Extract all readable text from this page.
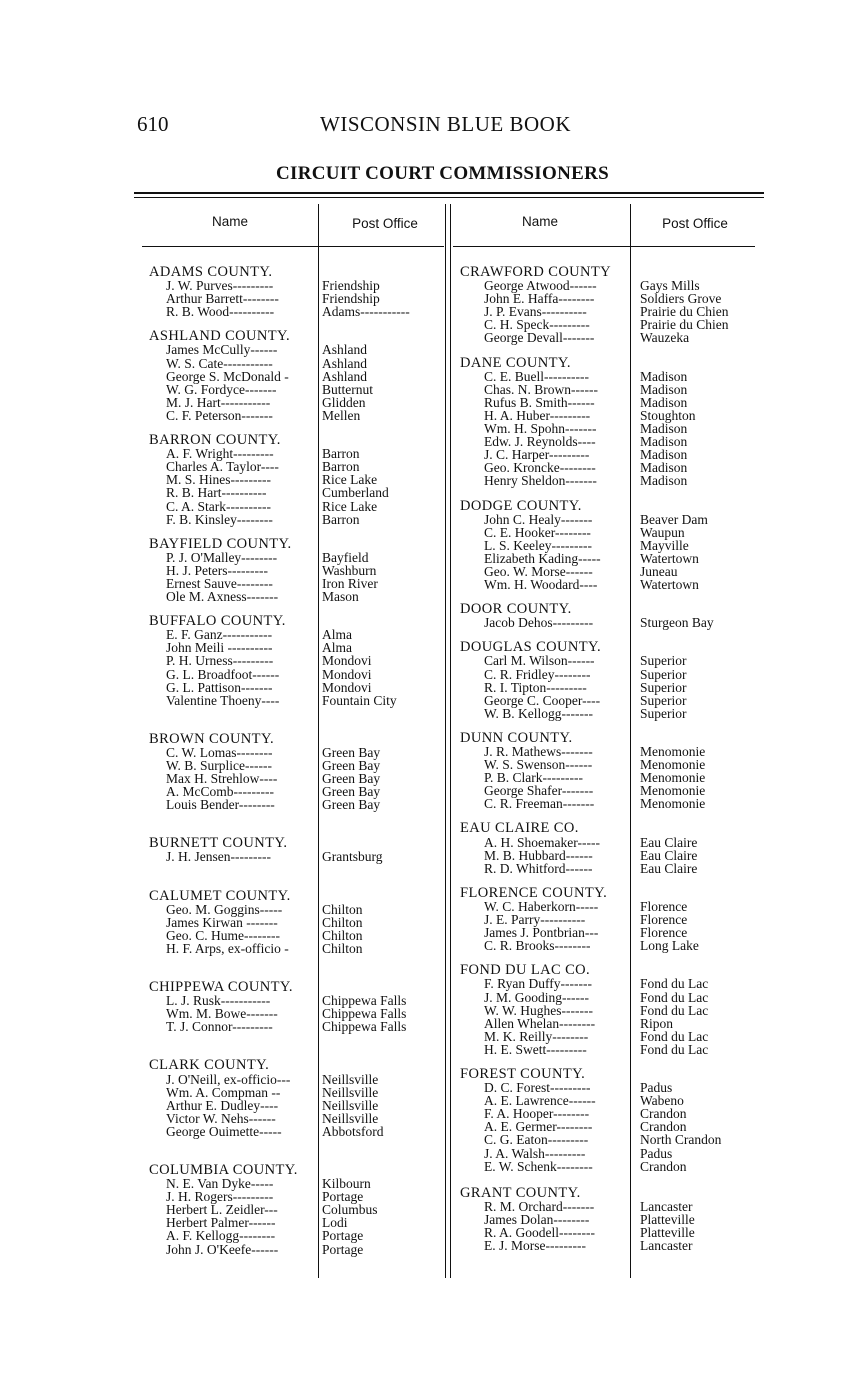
610	WISCONSIN BLUE BOOK
CIRCUIT COURT COMMISSIONERS
Name	Post Office	Name	Post Office
ADAMS COUNTY.
J. W. Purves---------	Friendship
Arthur Barrett--------	Friendship
R. B. Wood----------	Adams-----------
ASHLAND COUNTY.
James McCully------	Ashland
W. S. Cate-----------	Ashland
George S. McDonald - Ashland
W. G. Fordyce-------	Butternut
M. J. Hart-----------	Glidden
C. F. Peterson-------	Mellen
BARRON COUNTY.
A. F. Wright---------	Barron
Charles A. Taylor----	Barron
M. S. Hines---------	Rice Lake
R. B. Hart----------	Cumberland
C. A. Stark----------	Rice Lake
F. B. Kinsley--------	Barron
BAYFIELD COUNTY.
P. J. O'Malley--------	Bayfield
H. J. Peters---------	Washburn
Ernest Sauve--------	Iron River
Ole M. Axness-------	Mason
BUFFALO COUNTY.
E. F. Ganz-----------	Alma
John Meili ----------	Alma
P. H. Urness---------	Mondovi
G. L. Broadfoot------	Mondovi
G. L. Pattison-------	Mondovi
Valentine Thoeny----	Fountain City
BROWN COUNTY.
C. W. Lomas--------	Green Bay
W. B. Surplice------	Green Bay
Max H. Strehlow----	Green Bay
A. McComb---------	Green Bay
Louis Bender--------	Green Bay
BURNETT COUNTY.
J. H. Jensen---------	Grantsburg
CALUMET COUNTY.
Geo. M. Goggins-----	Chilton
James Kirwan -------	Chilton
Geo. C. Hume--------	Chilton
H. F. Arps, ex-officio - Chilton
CHIPPEWA COUNTY.
L. J. Rusk-----------	Chippewa Falls
Wm. M. Bowe-------	Chippewa Falls
T. J. Connor---------	Chippewa Falls
CLARK COUNTY.
J. O'Neill, ex-officio--- Neillsville
Wm. A. Compman --	Neillsville
Arthur E. Dudley----	Neillsville
Victor W. Nehs------	Neillsville
George Ouimette-----	Abbotsford
COLUMBIA COUNTY.
N. E. Van Dyke-----	Kilbourn
J. H. Rogers---------	Portage
Herbert L. Zeidler---	Columbus
Herbert Palmer------	Lodi
A. F. Kellogg--------	Portage
John J. O'Keefe------	Portage
CRAWFORD COUNTY
George Atwood------	Gays Mills
John E. Haffa--------	Soldiers Grove
J. P. Evans----------	Prairie du Chien
C. H. Speck---------	Prairie du Chien
George Devall-------	Wauzeka
DANE COUNTY.
C. E. Buell----------	Madison
Chas. N. Brown------	Madison
Rufus B. Smith------	Madison
H. A. Huber---------	Stoughton
Wm. H. Spohn-------	Madison
Edw. J. Reynolds----	Madison
J. C. Harper---------	Madison
Geo. Kroncke--------	Madison
Henry Sheldon-------	Madison
DODGE COUNTY.
John C. Healy-------	Beaver Dam
C. E. Hooker--------	Waupun
L. S. Keeley---------	Mayville
Elizabeth Kading-----	Watertown
Geo. W. Morse------	Juneau
Wm. H. Woodard----	Watertown
DOOR COUNTY.
Jacob Dehos---------	Sturgeon Bay
DOUGLAS COUNTY.
Carl M. Wilson------	Superior
C. R. Fridley--------	Superior
R. I. Tipton---------	Superior
George C. Cooper----	Superior
W. B. Kellogg-------	Superior
DUNN COUNTY.
J. R. Mathews-------	Menomonie
W. S. Swenson------	Menomonie
P. B. Clark---------	Menomonie
George Shafer-------	Menomonie
C. R. Freeman-------	Menomonie
EAU CLAIRE CO.
A. H. Shoemaker-----	Eau Claire
M. B. Hubbard------	Eau Claire
R. D. Whitford------	Eau Claire
FLORENCE COUNTY.
W. C. Haberkorn-----	Florence
J. E. Parry----------	Florence
James J. Pontbrian---	Florence
C. R. Brooks--------	Long Lake
FOND DU LAC CO.
F. Ryan Duffy-------	Fond du Lac
J. M. Gooding------	Fond du Lac
W. W. Hughes-------	Fond du Lac
Allen Whelan--------	Ripon
M. K. Reilly--------	Fond du Lac
H. E. Swett---------	Fond du Lac
FOREST COUNTY.
D. C. Forest---------	Padus
A. E. Lawrence------	Wabeno
F. A. Hooper--------	Crandon
A. E. Germer--------	Crandon
C. G. Eaton---------	North Crandon
J. A. Walsh---------	Padus
E. W. Schenk--------	Crandon
GRANT COUNTY.
R. M. Orchard-------	Lancaster
James Dolan--------	Platteville
R. A. Goodell--------	Platteville
E. J. Morse---------	Lancaster
